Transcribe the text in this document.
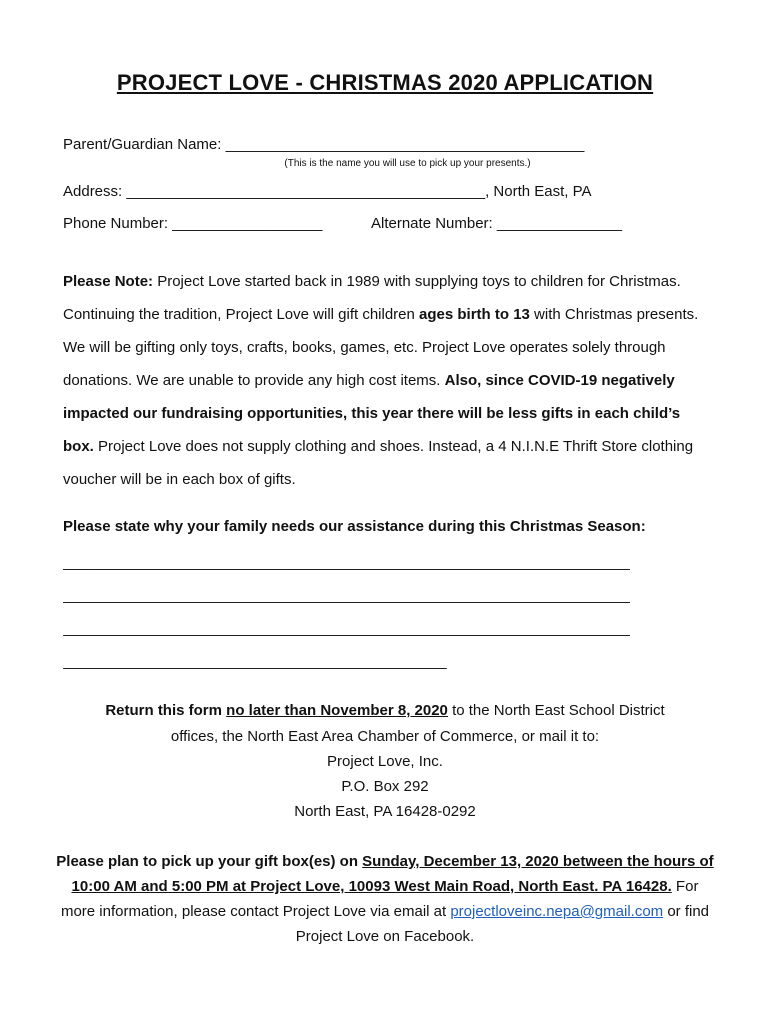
PROJECT LOVE - CHRISTMAS 2020 APPLICATION
Parent/Guardian Name: ___________________________________________
(This is the name you will use to pick up your presents.)
Address: ___________________________________________, North East, PA
Phone Number: __________________	Alternate Number: _______________
Please Note: Project Love started back in 1989 with supplying toys to children for Christmas. Continuing the tradition, Project Love will gift children ages birth to 13 with Christmas presents. We will be gifting only toys, crafts, books, games, etc. Project Love operates solely through donations. We are unable to provide any high cost items. Also, since COVID-19 negatively impacted our fundraising opportunities, this year there will be less gifts in each child’s box. Project Love does not supply clothing and shoes. Instead, a 4 N.I.N.E Thrift Store clothing voucher will be in each box of gifts.
Please state why your family needs our assistance during this Christmas Season:
____________________________________________________________________
____________________________________________________________________
____________________________________________________________________
______________________________________________
Return this form no later than November 8, 2020 to the North East School District
offices, the North East Area Chamber of Commerce, or mail it to:
Project Love, Inc.
P.O. Box 292
North East, PA 16428-0292
Please plan to pick up your gift box(es) on Sunday, December 13, 2020 between the hours of 10:00 AM and 5:00 PM at Project Love, 10093 West Main Road, North East. PA 16428. For more information, please contact Project Love via email at projectloveinc.nepa@gmail.com or find Project Love on Facebook.
